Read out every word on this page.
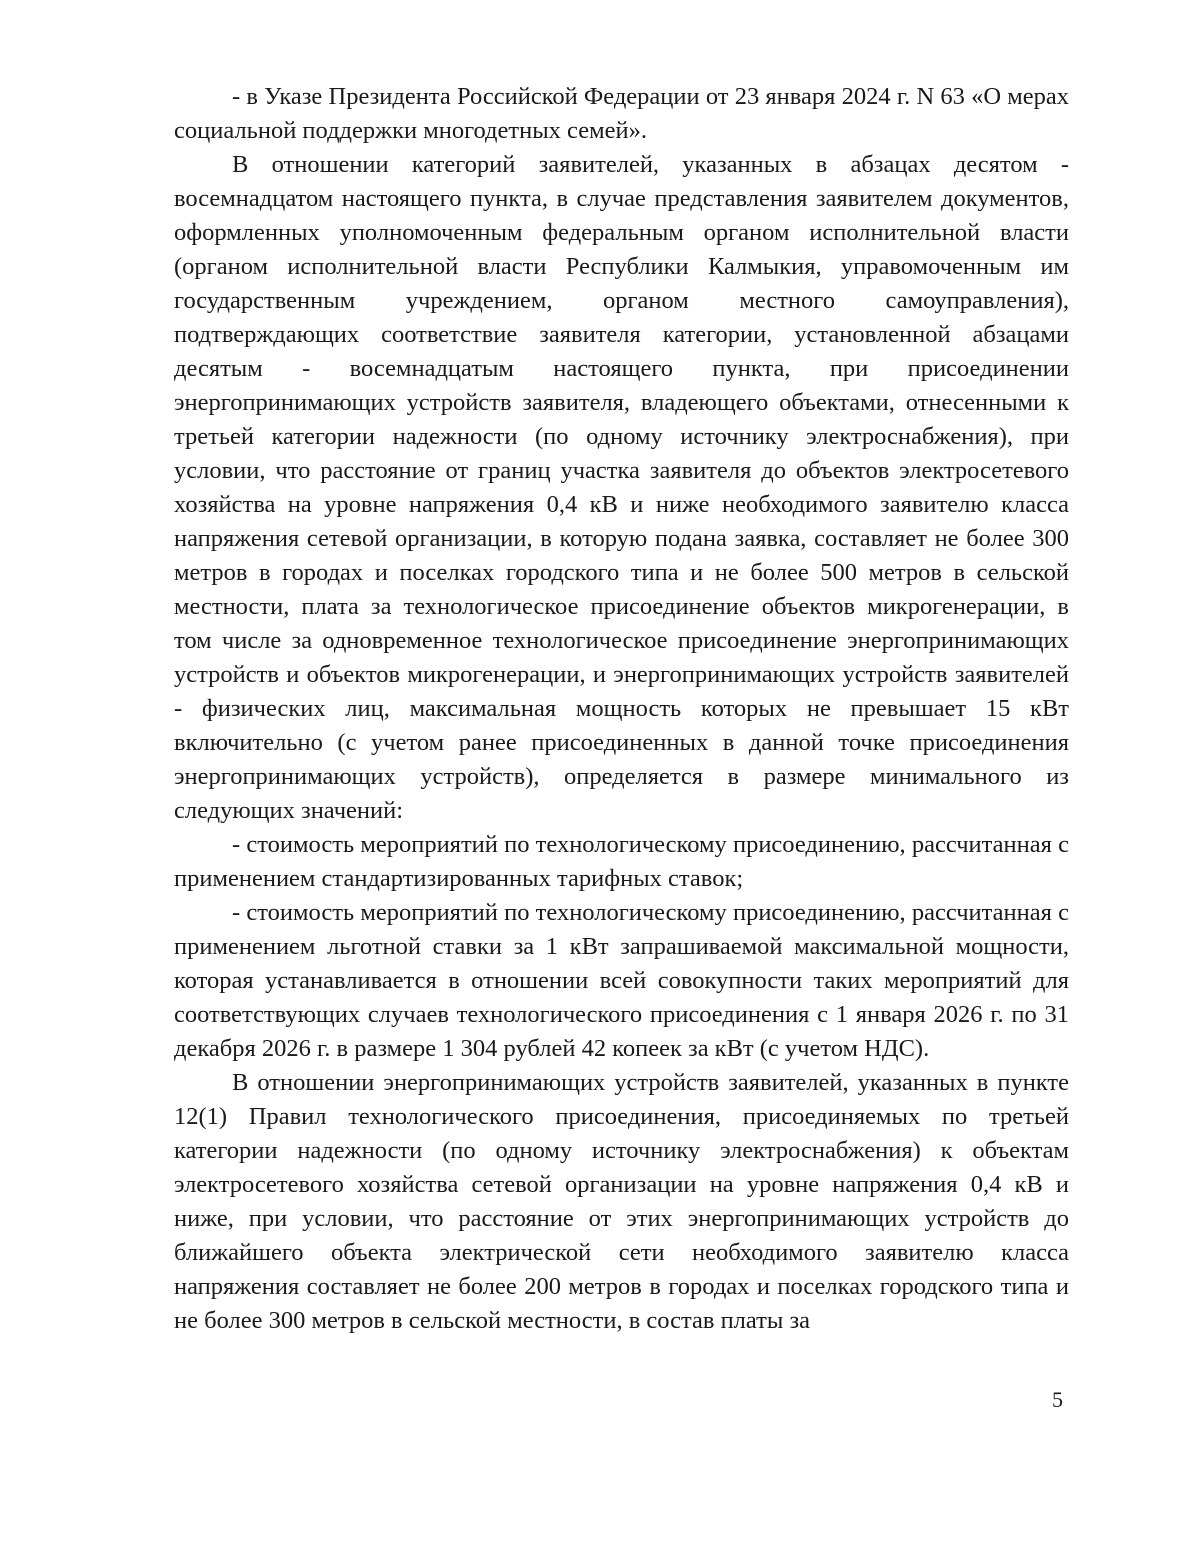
- в Указе Президента Российской Федерации от 23 января 2024 г. N 63 «О мерах социальной поддержки многодетных семей».

В отношении категорий заявителей, указанных в абзацах десятом - восемнадцатом настоящего пункта, в случае представления заявителем документов, оформленных уполномоченным федеральным органом исполнительной власти (органом исполнительной власти Республики Калмыкия, управомоченным им государственным учреждением, органом местного самоуправления), подтверждающих соответствие заявителя категории, установленной абзацами десятым - восемнадцатым настоящего пункта, при присоединении энергопринимающих устройств заявителя, владеющего объектами, отнесенными к третьей категории надежности (по одному источнику электроснабжения), при условии, что расстояние от границ участка заявителя до объектов электросетевого хозяйства на уровне напряжения 0,4 кВ и ниже необходимого заявителю класса напряжения сетевой организации, в которую подана заявка, составляет не более 300 метров в городах и поселках городского типа и не более 500 метров в сельской местности, плата за технологическое присоединение объектов микрогенерации, в том числе за одновременное технологическое присоединение энергопринимающих устройств и объектов микрогенерации, и энергопринимающих устройств заявителей - физических лиц, максимальная мощность которых не превышает 15 кВт включительно (с учетом ранее присоединенных в данной точке присоединения энергопринимающих устройств), определяется в размере минимального из следующих значений:

- стоимость мероприятий по технологическому присоединению, рассчитанная с применением стандартизированных тарифных ставок;

- стоимость мероприятий по технологическому присоединению, рассчитанная с применением льготной ставки за 1 кВт запрашиваемой максимальной мощности, которая устанавливается в отношении всей совокупности таких мероприятий для соответствующих случаев технологического присоединения с 1 января 2026 г. по 31 декабря 2026 г. в размере 1 304 рублей 42 копеек за кВт (с учетом НДС).

В отношении энергопринимающих устройств заявителей, указанных в пункте 12(1) Правил технологического присоединения, присоединяемых по третьей категории надежности (по одному источнику электроснабжения) к объектам электросетевого хозяйства сетевой организации на уровне напряжения 0,4 кВ и ниже, при условии, что расстояние от этих энергопринимающих устройств до ближайшего объекта электрической сети необходимого заявителю класса напряжения составляет не более 200 метров в городах и поселках городского типа и не более 300 метров в сельской местности, в состав платы за

5
